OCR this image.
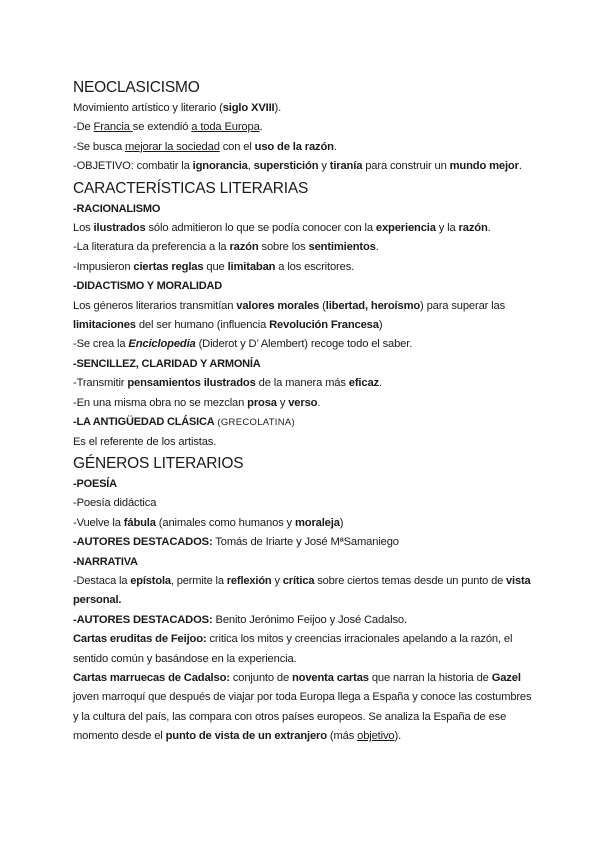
NEOCLASICISMO
Movimiento artístico y literario (siglo XVIII).
-De Francia se extendió a toda Europa.
-Se busca mejorar la sociedad con el uso de la razón.
-OBJETIVO: combatir la ignorancia, superstición y tiranía para construir un mundo mejor.
CARACTERÍSTICAS LITERARIAS
-RACIONALISMO
Los ilustrados sólo admitieron lo que se podía conocer con la experiencia y la razón.
-La literatura da preferencia a la razón sobre los sentimientos.
-Impusieron ciertas reglas que limitaban a los escritores.
-DIDACTISMO Y MORALIDAD
Los géneros literarios transmitían valores morales (libertad, heroísmo) para superar las
limitaciones del ser humano (influencia Revolución Francesa)
-Se crea la Enciclopedia (Diderot y D’ Alembert) recoge todo el saber.
-SENCILLEZ, CLARIDAD Y ARMONÍA
-Transmitir pensamientos ilustrados de la manera más eficaz.
-En una misma obra no se mezclan prosa y verso.
-LA ANTIGÜEDAD CLÁSICA (GRECOLATINA)
Es el referente de los artistas.
GÉNEROS LITERARIOS
-POESÍA
-Poesía didáctica
-Vuelve la fábula (animales como humanos y moraleja)
-AUTORES DESTACADOS: Tomás de Iriarte y José MªSamaniego
-NARRATIVA
-Destaca la epístola, permite la reflexión y crítica sobre ciertos temas desde un punto de vista
personal.
-AUTORES DESTACADOS: Benito Jerónimo Feijoo y José Cadalso.
Cartas eruditas de Feijoo: critica los mitos y creencias irracionales apelando a la razón, el
sentido común y basándose en la experiencia.
Cartas marruecas de Cadalso: conjunto de noventa cartas que narran la historia de Gazel
joven marroquí que después de viajar por toda Europa llega a España y conoce las costumbres
y la cultura del país, las compara con otros países europeos. Se analiza la España de ese
momento desde el punto de vista de un extranjero (más objetivo).
